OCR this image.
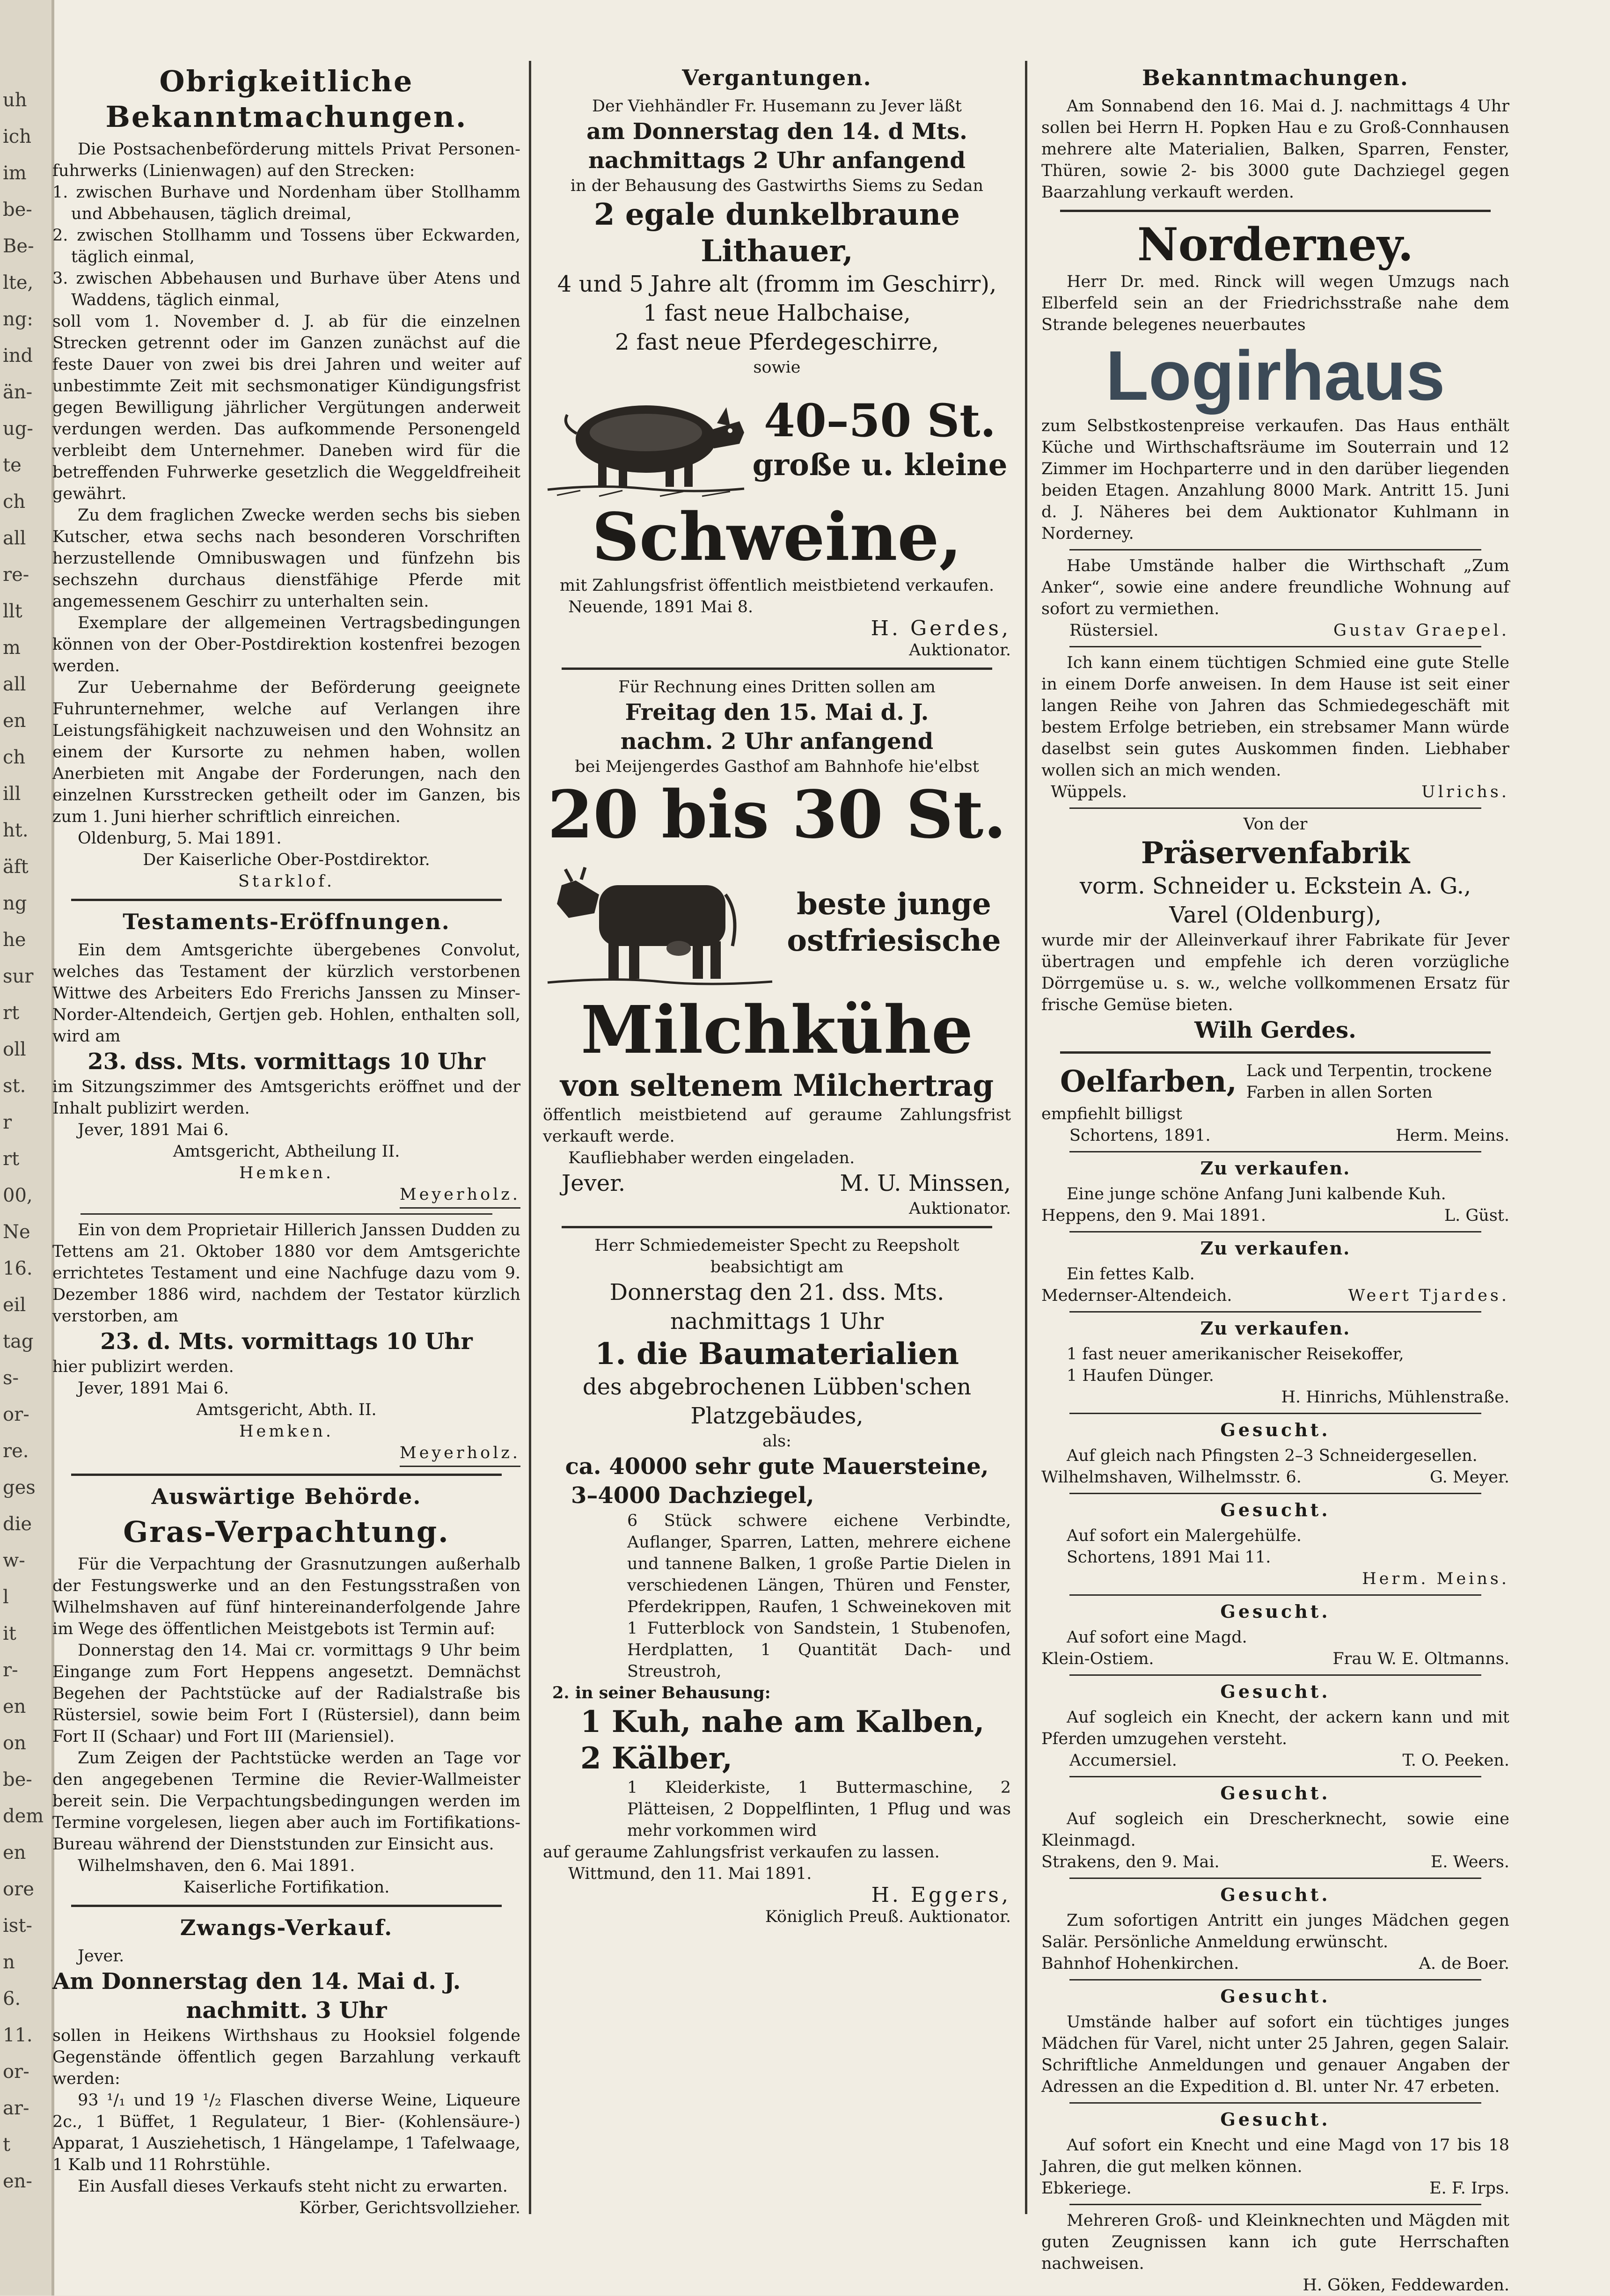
uh
ich
im
be-
Be-
lte,
ng:
ind
än-
ug-
te
ch
all
re-
llt
m
all
en
ch
ill
ht.
äft
ng
he
sur
rt
oll
st.
r
rt
00,
Ne
16.
eil
tag
s-
or-
re.
ges
die
w-
l
it
r-
en
on
be-
dem
en
ore
ist-
n
6.
11.
or-
ar-
t
en-
Obrigkeitliche Bekanntmachungen.

Die Postsachenbeförderung mittels Privat Personen-fuhrwerks (Linienwagen) auf den Strecken:

1. zwischen Burhave und Nordenham über Stollhamm und Abbehausen, täglich dreimal,

2. zwischen Stollhamm und Tossens über Eckwarden, täglich einmal,

3. zwischen Abbehausen und Burhave über Atens und Waddens, täglich einmal,

soll vom 1. November d. J. ab für die einzelnen Strecken getrennt oder im Ganzen zunächst auf die feste Dauer von zwei bis drei Jahren und weiter auf unbestimmte Zeit mit sechsmonatiger Kündigungsfrist gegen Bewilligung jährlicher Vergütungen anderweit verdungen werden. Das aufkommende Personengeld verbleibt dem Unternehmer. Daneben wird für die betreffenden Fuhrwerke gesetzlich die Weggeldfreiheit gewährt.

Zu dem fraglichen Zwecke werden sechs bis sieben Kutscher, etwa sechs nach besonderen Vorschriften herzustellende Omnibuswagen und fünfzehn bis sechszehn durchaus dienstfähige Pferde mit angemessenem Geschirr zu unterhalten sein.

Exemplare der allgemeinen Vertragsbedingungen können von der Ober-Postdirektion kostenfrei bezogen werden.

Zur Uebernahme der Beförderung geeignete Fuhrunternehmer, welche auf Verlangen ihre Leistungsfähigkeit nachzuweisen und den Wohnsitz an einem der Kursorte zu nehmen haben, wollen Anerbieten mit Angabe der Forderungen, nach den einzelnen Kursstrecken getheilt oder im Ganzen, bis zum 1. Juni hierher schriftlich einreichen.

Oldenburg, 5. Mai 1891.

Der Kaiserliche Ober-Postdirektor.

Starklof.

Testaments-Eröffnungen.

Ein dem Amtsgerichte übergebenes Convolut, welches das Testament der kürzlich verstorbenen Wittwe des Arbeiters Edo Frerichs Janssen zu Minser-Norder-Altendeich, Gertjen geb. Hohlen, enthalten soll, wird am

23. dss. Mts. vormittags 10 Uhr

im Sitzungszimmer des Amtsgerichts eröffnet und der Inhalt publizirt werden.

Jever, 1891 Mai 6.

Amtsgericht, Abtheilung II.

Hemken.

Meyerholz.

Ein von dem Proprietair Hillerich Janssen Dudden zu Tettens am 21. Oktober 1880 vor dem Amtsgerichte errichtetes Testament und eine Nachfuge dazu vom 9. Dezember 1886 wird, nachdem der Testator kürzlich verstorben, am

23. d. Mts. vormittags 10 Uhr

hier publizirt werden.

Jever, 1891 Mai 6.

Amtsgericht, Abth. II.

Hemken.

Meyerholz.

Auswärtige Behörde.
Gras-Verpachtung.

Für die Verpachtung der Grasnutzungen außerhalb der Festungswerke und an den Festungsstraßen von Wilhelmshaven auf fünf hintereinanderfolgende Jahre im Wege des öffentlichen Meistgebots ist Termin auf:

Donnerstag den 14. Mai cr. vormittags 9 Uhr beim Eingange zum Fort Heppens angesetzt. Demnächst Begehen der Pachtstücke auf der Radialstraße bis Rüstersiel, sowie beim Fort I (Rüstersiel), dann beim Fort II (Schaar) und Fort III (Mariensiel).

Zum Zeigen der Pachtstücke werden an Tage vor den angegebenen Termine die Revier-Wallmeister bereit sein. Die Verpachtungsbedingungen werden im Termine vorgelesen, liegen aber auch im Fortifikations-Bureau während der Dienststunden zur Einsicht aus.

Wilhelmshaven, den 6. Mai 1891.

Kaiserliche Fortifikation.

Zwangs-Verkauf.

Jever.

Am Donnerstag den 14. Mai d. J.

nachmitt. 3 Uhr

sollen in Heikens Wirthshaus zu Hooksiel folgende Gegenstände öffentlich gegen Barzahlung verkauft werden:

93 ¹/₁ und 19 ¹/₂ Flaschen diverse Weine, Liqueure 2c., 1 Büffet, 1 Regulateur, 1 Bier- (Kohlensäure-) Apparat, 1 Ausziehetisch, 1 Hängelampe, 1 Tafelwaage, 1 Kalb und 11 Rohrstühle.

Ein Ausfall dieses Verkaufs steht nicht zu erwarten.

Körber, Gerichtsvollzieher.

Vergantungen.

Der Viehhändler Fr. Husemann zu Jever läßt

am Donnerstag den 14. d Mts.

nachmittags 2 Uhr anfangend

in der Behausung des Gastwirths Siems zu Sedan

2 egale dunkelbraune

Lithauer,

4 und 5 Jahre alt (fromm im Geschirr),

1 fast neue Halbchaise,

2 fast neue Pferdegeschirre,

sowie

40–50 St.

große u. kleine

Schweine,

mit Zahlungsfrist öffentlich meistbietend verkaufen.

Neuende, 1891 Mai 8.

H. Gerdes,

Auktionator.

Für Rechnung eines Dritten sollen am

Freitag den 15. Mai d. J.

nachm. 2 Uhr anfangend

bei Meijengerdes Gasthof am Bahnhofe hie'elbst

20 bis 30 St.

beste junge

ostfriesische

Milchkühe

von seltenem Milchertrag

öffentlich meistbietend auf geraume Zahlungsfrist verkauft werde.

Kaufliebhaber werden eingeladen.

Jever.	M. U. Minssen,

Auktionator.

Herr Schmiedemeister Specht zu Reepsholt beabsichtigt am

Donnerstag den 21. dss. Mts.

nachmittags 1 Uhr

1. die Baumaterialien

des abgebrochenen Lübben'schen Platzgebäudes,

als:

ca. 40000 sehr gute Mauersteine,

3–4000 Dachziegel,

6 Stück schwere eichene Verbindte, Auflanger, Sparren, Latten, mehrere eichene und tannene Balken, 1 große Partie Dielen in verschiedenen Längen, Thüren und Fenster, Pferdekrippen, Raufen, 1 Schweinekoven mit 1 Futterblock von Sandstein, 1 Stubenofen, Herdplatten, 1 Quantität Dach- und Streustroh,

2. in seiner Behausung:

1 Kuh, nahe am Kalben,

2 Kälber,

1 Kleiderkiste, 1 Buttermaschine, 2 Plätteisen, 2 Doppelflinten, 1 Pflug und was mehr vorkommen wird

auf geraume Zahlungsfrist verkaufen zu lassen.

Wittmund, den 11. Mai 1891.

H. Eggers,

Königlich Preuß. Auktionator.

Bekanntmachungen.

Am Sonnabend den 16. Mai d. J. nachmittags 4 Uhr sollen bei Herrn H. Popken Hau e zu Groß-Connhausen mehrere alte Materialien, Balken, Sparren, Fenster, Thüren, sowie 2- bis 3000 gute Dachziegel gegen Baarzahlung verkauft werden.

Norderney.

Herr Dr. med. Rinck will wegen Umzugs nach Elberfeld sein an der Friedrichsstraße nahe dem Strande belegenes neuerbautes

Logirhaus

zum Selbstkostenpreise verkaufen. Das Haus enthält Küche und Wirthschaftsräume im Souterrain und 12 Zimmer im Hochparterre und in den darüber liegenden beiden Etagen. Anzahlung 8000 Mark. Antritt 15. Juni d. J. Näheres bei dem Auktionator Kuhlmann in Norderney.

Habe Umstände halber die Wirthschaft „Zum Anker“, sowie eine andere freundliche Wohnung auf sofort zu vermiethen.

Rüstersiel.	Gustav Graepel.

Ich kann einem tüchtigen Schmied eine gute Stelle in einem Dorfe anweisen. In dem Hause ist seit einer langen Reihe von Jahren das Schmiedegeschäft mit bestem Erfolge betrieben, ein strebsamer Mann würde daselbst sein gutes Auskommen finden. Liebhaber wollen sich an mich wenden.

Wüppels.	Ulrichs.

Von der

Präservenfabrik

vorm. Schneider u. Eckstein A. G.,

Varel (Oldenburg),

wurde mir der Alleinverkauf ihrer Fabrikate für Jever übertragen und empfehle ich deren vorzügliche Dörrgemüse u. s. w., welche vollkommenen Ersatz für frische Gemüse bieten.

Wilh Gerdes.

Oelfarben, Lack und Terpentin, trockene

Farben in allen Sorten

empfiehlt billigst

Schortens, 1891.	Herm. Meins.
Zu verkaufen.

Eine junge schöne Anfang Juni kalbende Kuh.

Heppens, den 9. Mai 1891.	L. Güst.
Zu verkaufen.

Ein fettes Kalb.

Medernser-Altendeich.	Weert Tjardes.
Zu verkaufen.

1 fast neuer amerikanischer Reisekoffer,

1 Haufen Dünger.

H. Hinrichs, Mühlenstraße.

Gesucht.

Auf gleich nach Pfingsten 2–3 Schneidergesellen.

Wilhelmshaven, Wilhelmsstr. 6.	G. Meyer.
Gesucht.

Auf sofort ein Malergehülfe.

Schortens, 1891 Mai 11.

Herm. Meins.

Gesucht.

Auf sofort eine Magd.

Klein-Ostiem.	Frau W. E. Oltmanns.
Gesucht.

Auf sogleich ein Knecht, der ackern kann und mit Pferden umzugehen versteht.

Accumersiel.	T. O. Peeken.
Gesucht.

Auf sogleich ein Drescherknecht, sowie eine Kleinmagd.

Strakens, den 9. Mai.	E. Weers.
Gesucht.

Zum sofortigen Antritt ein junges Mädchen gegen Salär. Persönliche Anmeldung erwünscht.

Bahnhof Hohenkirchen.	A. de Boer.
Gesucht.

Umstände halber auf sofort ein tüchtiges junges Mädchen für Varel, nicht unter 25 Jahren, gegen Salair. Schriftliche Anmeldungen und genauer Angaben der Adressen an die Expedition d. Bl. unter Nr. 47 erbeten.

Gesucht.

Auf sofort ein Knecht und eine Magd von 17 bis 18 Jahren, die gut melken können.

Ebkeriege.	E. F. Irps.

Mehreren Groß- und Kleinknechten und Mägden mit guten Zeugnissen kann ich gute Herrschaften nachweisen.

H. Göken, Feddewarden.
